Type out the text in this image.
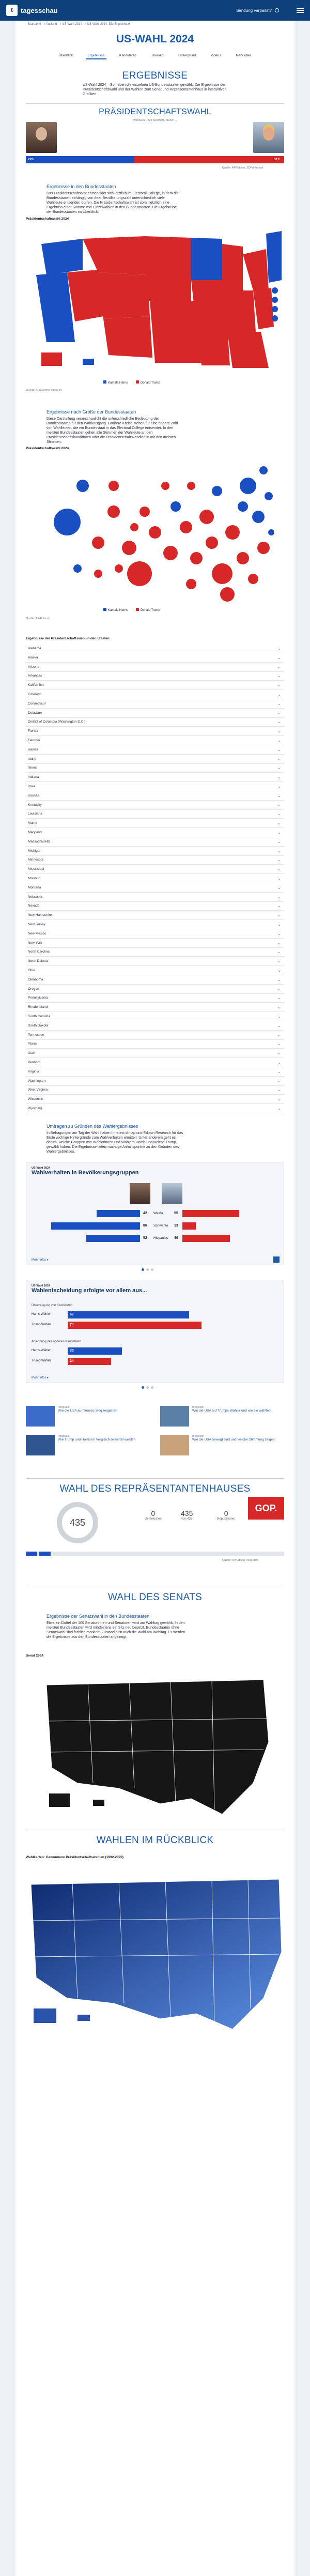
t	tagesschau	Sendung verpasst?
Startseite › Ausland › US-Wahl 2024 › US-Wahl 2024: Die Ergebnisse
US-WAHL 2024
Überblick	Ergebnisse	Kandidaten	Themen	Hintergrund	Videos	Mehr über
ERGEBNISSE
US-Wahl 2024 – So haben die einzelnen US-Bundesstaaten gewählt. Die Ergebnisse der Präsidentschaftswahl und der Wahlen zum Senat und Repräsentantenhaus in interaktiven Grafiken.
PRÄSIDENTSCHAFTSWAHL
Wahlleute (270 benötigt), Stand: ...
226	312
Quelle: AP/Edison, ZDF/Infratest
Ergebnisse in den Bundesstaaten
Das Präsidentschaftsamt entscheidet sich letztlich im Electoral College, in dem die Bundesstaaten abhängig von ihrer Bevölkerungszahl unterschiedlich viele Wahlleute entsenden dürfen. Die Präsidentschaftswahl ist somit letztlich eine Ergebniss einer Summe von Einzelwahlen in den Bundesstaaten. Die Ergebnisse der Bundesstaaten im Überblick:
Präsidentschaftswahl 2024
Kamala Harris	Donald Trump
Quelle: AP/Edison Research
Ergebnisse nach Größe der Bundesstaaten
Diese Darstellung veranschaulicht die unterschiedliche Bedeutung der Bundesstaaten für den Wahlausgang. Größere Kreise stehen für eine höhere Zahl von Wahlleuten, die ein Bundesstaat in das Electoral College entsendet. In den meisten Bundesstaaten gehen alle Stimmen der Wahlleute an den Präsidentschaftskandidaten oder die Präsidentschaftskandidatin mit den meisten Stimmen.
Präsidentschaftswahl 2024
Kamala Harris	Donald Trump
Quelle: AP/Edison
Ergebnisse der Präsidentschaftswahl in den Staaten
Alabama	⌄
Alaska	⌄
Arizona	⌄
Arkansas	⌄
Kalifornien	⌄
Colorado	⌄
Connecticut	⌄
Delaware	⌄
District of Columbia (Washington D.C.)	⌄
Florida	⌄
Georgia	⌄
Hawaii	⌄
Idaho	⌄
Illinois	⌄
Indiana	⌄
Iowa	⌄
Kansas	⌄
Kentucky	⌄
Louisiana	⌄
Maine	⌄
Maryland	⌄
Massachusetts	⌄
Michigan	⌄
Minnesota	⌄
Mississippi	⌄
Missouri	⌄
Montana	⌄
Nebraska	⌄
Nevada	⌄
New Hampshire	⌄
New Jersey	⌄
New Mexico	⌄
New York	⌄
North Carolina	⌄
North Dakota	⌄
Ohio	⌄
Oklahoma	⌄
Oregon	⌄
Pennsylvania	⌄
Rhode Island	⌄
South Carolina	⌄
South Dakota	⌄
Tennessee	⌄
Texas	⌄
Utah	⌄
Vermont	⌄
Virginia	⌄
Washington	⌄
West Virginia	⌄
Wisconsin	⌄
Wyoming	⌄
Umfragen zu Gründen des Wahlergebnisses
In Befragungen am Tag der Wahl haben Infratest dimap und Edison Research für das Erste wichtige Hintergründe zum Wahlverhalten ermittelt. Unter anderem geht es darum, welche Gruppen von Wählerinnen und Wählern Harris und welche Trump gewählt haben. Die Ergebnisse liefern wichtige Anhaltspunkte zu den Gründen des Wahlergebnisses.
US-Wahl 2024
Wahlverhalten in Bevölkerungsgruppen
42 Weiße	55
86 Schwarze 13
52 Hispanics 46
Mehr Infos ▸
US-Wahl 2024
Wahlentscheidung erfolgte vor allem aus...
Überzeugung von Kandidat/in
Ablehnung des anderen Kandidaten
Harris-Wähler	67
Trump-Wähler	74
Harris-Wähler	30
Trump-Wähler	24
Mehr Infos ▸
Infografik
Wie die USA auf Trumps Sieg reagieren
Infografik
Wie die USA auf Trumps Wähler und wie sie wählten
Infografik
Wie Trump und Harris im Vergleich bewertet werden
Infografik
Wie die USA bewegt sind und welche Stimmung zeigen
WAHL DES REPRÄSENTANTENHAUSES
435
0
Demokraten
435
von 435
0
Republikaner
GOP.
Quelle: AP/Edison Research
WAHL DES SENATS
Ergebnisse der Senatswahl in den Bundesstaaten
Etwa ein Drittel der 100 Senatorinnen und Senatoren wird am Wahltag gewählt. In den meisten Bundesstaaten wird mindestens ein Sitz neu besetzt. Bundesstaaten ohne Senatswahl sind farblich markiert. Zuständig ist auch die Wahl am Wahltag. Es werden die Ergebnisse aus den Bundesstaaten angezeigt.
Senat 2024
WAHLEN IM RÜCKBLICK
Wahlkarten: Gewonnene Präsidentschaftswahlen (1992-2020)
